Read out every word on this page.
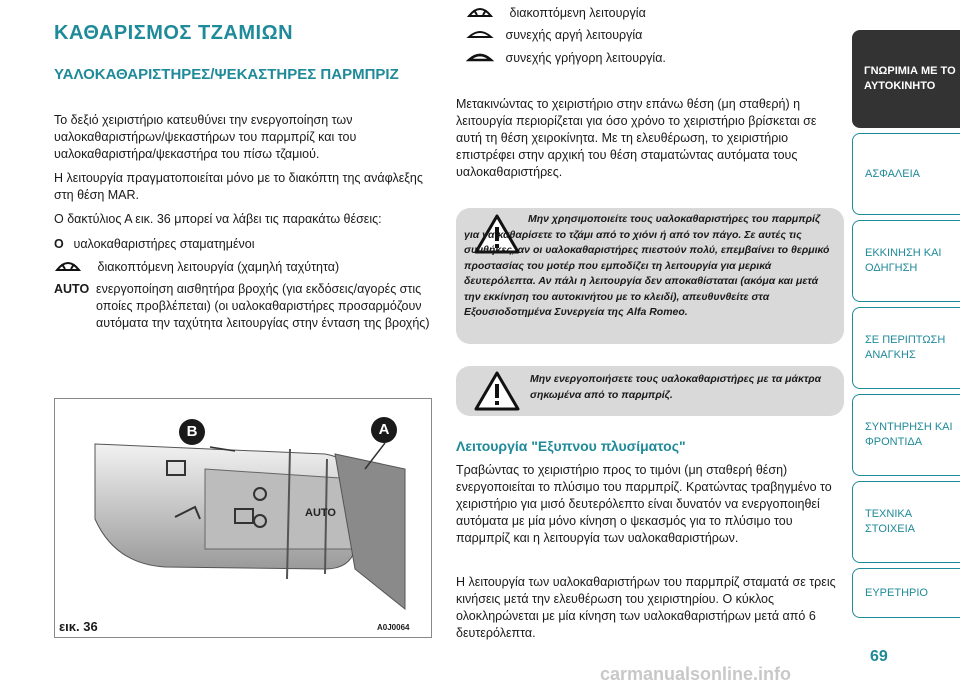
ΚΑΘΑΡΙΣΜΟΣ ΤΖΑΜΙΩΝ
ΥΑΛΟΚΑΘΑΡΙΣΤΗΡΕΣ/ΨΕΚΑΣΤΗΡΕΣ ΠΑΡΜΠΡΙΖ
Το δεξιό χειριστήριο κατευθύνει την ενεργοποίηση των υαλοκαθαριστήρων/ψεκαστήρων του παρμπρίζ και του υαλοκαθαριστήρα/ψεκαστήρα του πίσω τζαμιού.
Η λειτουργία πραγματοποιείται μόνο με το διακόπτη της ανάφλεξης στη θέση MAR.
Ο δακτύλιος Α εικ. 36 μπορεί να λάβει τις παρακάτω θέσεις:
O υαλοκαθαριστήρες σταματημένοι
διακοπτόμενη λειτουργία (χαμηλή ταχύτητα)
AUTO ενεργοποίηση αισθητήρα βροχής (για εκδόσεις/αγορές στις οποίες προβλέπεται) (οι υαλοκαθαριστήρες προσαρμόζουν αυτόματα την ταχύτητα λειτουργίας στην ένταση της βροχής)
B	A
AUTO
εικ. 36	A0J0064
διακοπτόμενη λειτουργία
συνεχής αργή λειτουργία
συνεχής γρήγορη λειτουργία.
Μετακινώντας το χειριστήριο στην επάνω θέση (μη σταθερή) η λειτουργία περιορίζεται για όσο χρόνο το χειριστήριο βρίσκεται σε αυτή τη θέση χειροκίνητα. Με τη ελευθέρωση, το χειριστήριο επιστρέφει στην αρχική του θέση σταματώντας αυτόματα τους υαλοκαθαριστήρες.
Μην χρησιμοποιείτε τους υαλοκαθαριστήρες του παρμπρίζ για να καθαρίσετε το τζάμι από το χιόνι ή από τον πάγο. Σε αυτές τις συνθήκες, αν οι υαλοκαθαριστήρες πιεστούν πολύ, επεμβαίνει το θερμικό προστασίας του μοτέρ που εμποδίζει τη λειτουργία για μερικά δευτερόλεπτα. Αν πάλι η λειτουργία δεν αποκαθίσταται (ακόμα και μετά την εκκίνηση του αυτοκινήτου με το κλειδί), απευθυνθείτε στα Εξουσιοδοτημένα Συνεργεία της Alfa Romeo.
Μην ενεργοποιήσετε τους υαλοκαθαριστήρες με τα μάκτρα σηκωμένα από το παρμπρίζ.
Λειτουργία "Εξυπνου πλυσίματος"
Τραβώντας το χειριστήριο προς το τιμόνι (μη σταθερή θέση) ενεργοποιείται το πλύσιμο του παρμπρίζ. Κρατώντας τραβηγμένο το χειριστήριο για μισό δευτερόλεπτο είναι δυνατόν να ενεργοποιηθεί αυτόματα με μία μόνο κίνηση ο ψεκασμός για το πλύσιμο του παρμπρίζ και η λειτουργία των υαλοκαθαριστήρων.
Η λειτουργία των υαλοκαθαριστήρων του παρμπρίζ σταματά σε τρεις κινήσεις μετά την ελευθέρωση του χειριστηρίου. Ο κύκλος ολοκληρώνεται με μία κίνηση των υαλοκαθαριστήρων μετά από 6 δευτερόλεπτα.
ΓΝΩΡΙΜΙΑ ΜΕ ΤΟ ΑΥΤΟΚΙΝΗΤΟ
ΑΣΦΑΛΕΙΑ
ΕΚΚΙΝΗΣΗ ΚΑΙ ΟΔΗΓΗΣΗ
ΣΕ ΠΕΡΙΠΤΩΣΗ ΑΝΑΓΚΗΣ
ΣΥΝΤΗΡΗΣΗ ΚΑΙ ΦΡΟΝΤΙΔΑ
ΤΕΧΝΙΚΑ ΣΤΟΙΧΕΙΑ
ΕΥΡΕΤΗΡΙΟ
69
carmanualsonline.info
